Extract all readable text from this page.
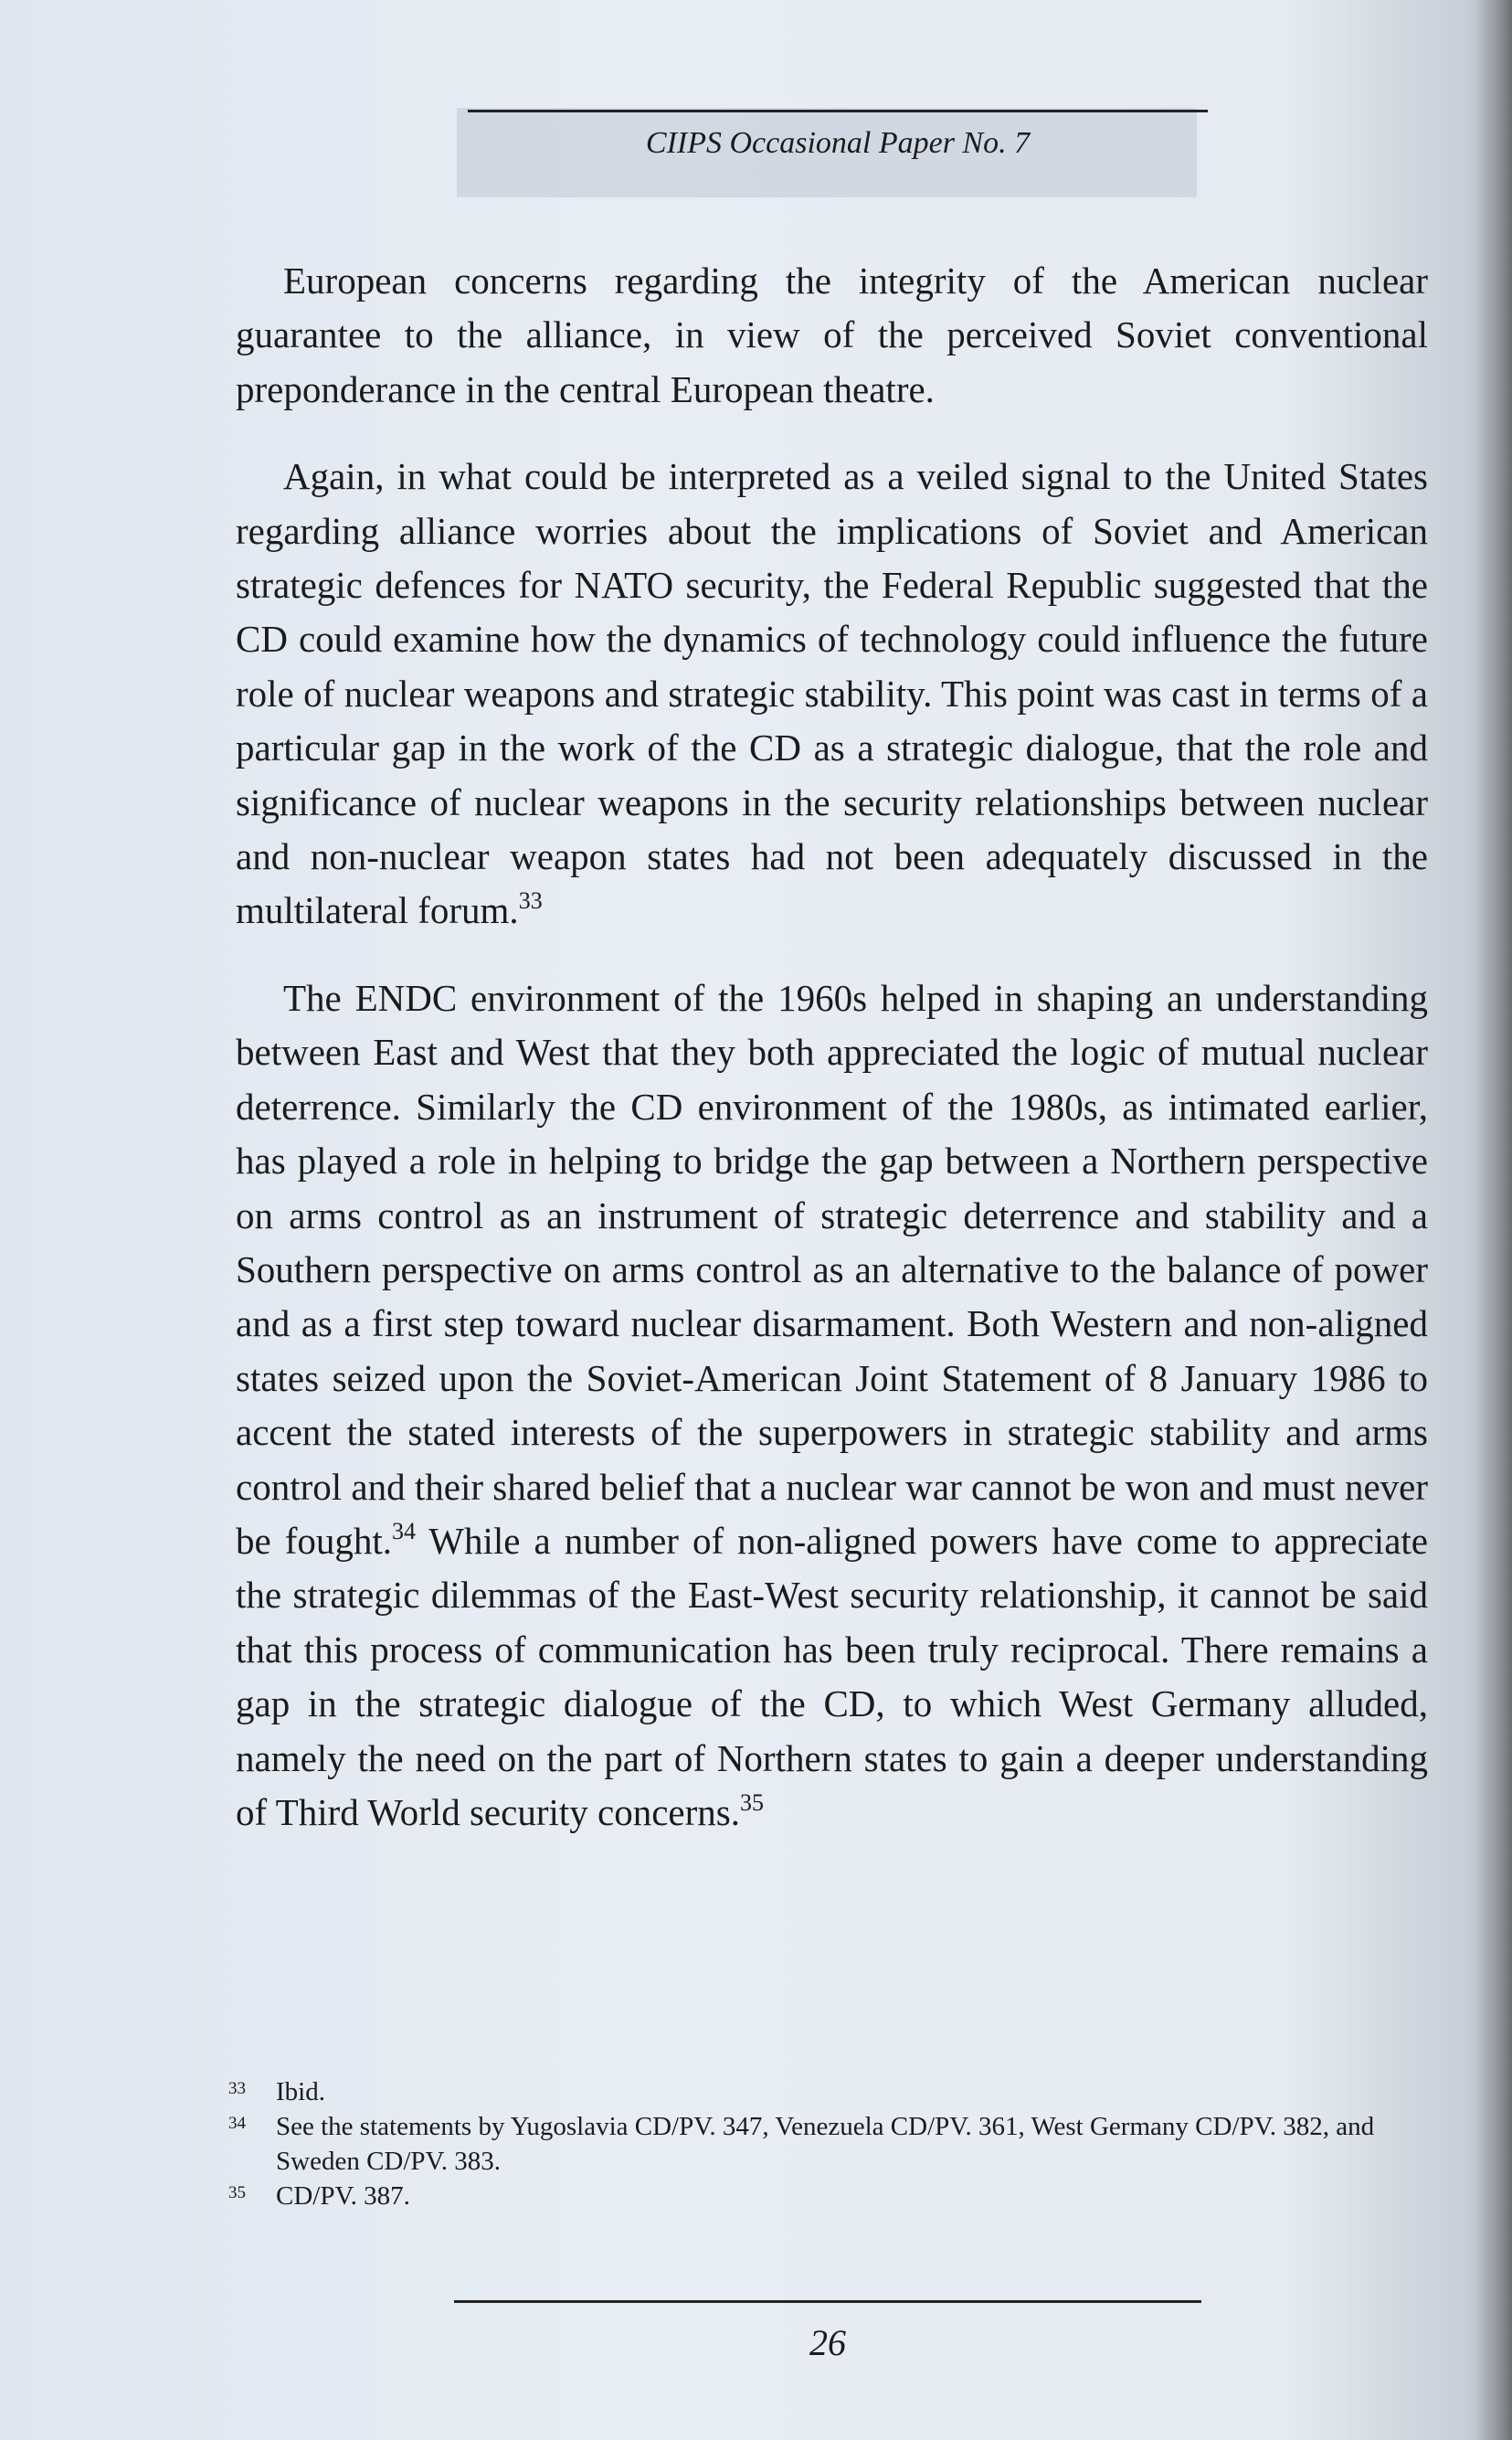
CIIPS Occasional Paper No. 7

European concerns regarding the integrity of the American nuclear guarantee to the alliance, in view of the perceived Soviet conventional preponderance in the central European theatre.

Again, in what could be interpreted as a veiled signal to the United States regarding alliance worries about the implications of Soviet and American strategic defences for NATO security, the Federal Republic suggested that the CD could examine how the dynamics of technology could influence the future role of nuclear weapons and strategic stability. This point was cast in terms of a particular gap in the work of the CD as a strategic dialogue, that the role and significance of nuclear weapons in the security relationships between nuclear and non-nuclear weapon states had not been adequately discussed in the multilateral forum.$^{33}$

The ENDC environment of the 1960s helped in shaping an understanding between East and West that they both appreciated the logic of mutual nuclear deterrence. Similarly the CD environment of the 1980s, as intimated earlier, has played a role in helping to bridge the gap between a Northern perspective on arms control as an instrument of strategic deterrence and stability and a Southern perspective on arms control as an alternative to the balance of power and as a first step toward nuclear disarmament. Both Western and non-aligned states seized upon the Soviet-American Joint Statement of 8 January 1986 to accent the stated interests of the superpowers in strategic stability and arms control and their shared belief that a nuclear war cannot be won and must never be fought.$^{34}$ While a number of non-aligned powers have come to appreciate the strategic dilemmas of the East-West security relationship, it cannot be said that this process of communication has been truly reciprocal. There remains a gap in the strategic dialogue of the CD, to which West Germany alluded, namely the need on the part of Northern states to gain a deeper understanding of Third World security concerns.$^{35}$

33	Ibid.
34	See the statements by Yugoslavia CD/PV. 347, Venezuela CD/PV. 361, West Germany CD/PV. 382, and Sweden CD/PV. 383.
35	CD/PV. 387.
26
